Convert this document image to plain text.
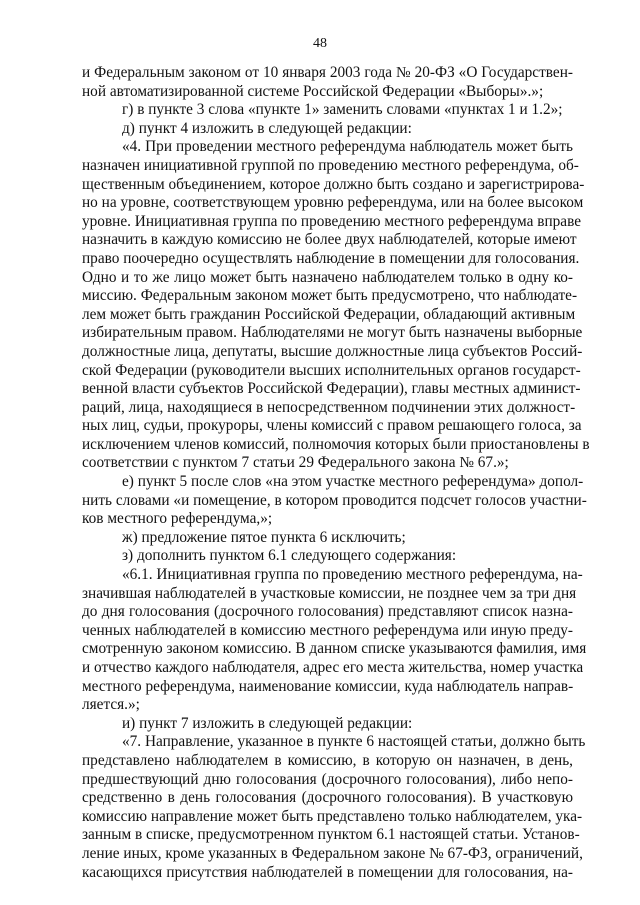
48
и Федеральным законом от 10 января 2003 года № 20-ФЗ «О Государствен-
ной автоматизированной системе Российской Федерации «Выборы».»;
г) в пункте 3 слова «пункте 1» заменить словами «пунктах 1 и 1.2»;
д) пункт 4 изложить в следующей редакции:
«4. При проведении местного референдума наблюдатель может быть
назначен инициативной группой по проведению местного референдума, об-
щественным объединением, которое должно быть создано и зарегистрирова-
но на уровне, соответствующем уровню референдума, или на более высоком
уровне. Инициативная группа по проведению местного референдума вправе
назначить в каждую комиссию не более двух наблюдателей, которые имеют
право поочередно осуществлять наблюдение в помещении для голосования.
Одно и то же лицо может быть назначено наблюдателем только в одну ко-
миссию. Федеральным законом может быть предусмотрено, что наблюдате-
лем может быть гражданин Российской Федерации, обладающий активным
избирательным правом. Наблюдателями не могут быть назначены выборные
должностные лица, депутаты, высшие должностные лица субъектов Россий-
ской Федерации (руководители высших исполнительных органов государст-
венной власти субъектов Российской Федерации), главы местных админист-
раций, лица, находящиеся в непосредственном подчинении этих должност-
ных лиц, судьи, прокуроры, члены комиссий с правом решающего голоса, за
исключением членов комиссий, полномочия которых были приостановлены в
соответствии с пунктом 7 статьи 29 Федерального закона № 67.»;
е) пункт 5 после слов «на этом участке местного референдума» допол-
нить словами «и помещение, в котором проводится подсчет голосов участни-
ков местного референдума,»;
ж) предложение пятое пункта 6 исключить;
з) дополнить пунктом 6.1 следующего содержания:
«6.1. Инициативная группа по проведению местного референдума, на-
значившая наблюдателей в участковые комиссии, не позднее чем за три дня
до дня голосования (досрочного голосования) представляют список назна-
ченных наблюдателей в комиссию местного референдума или иную преду-
смотренную законом комиссию. В данном списке указываются фамилия, имя
и отчество каждого наблюдателя, адрес его места жительства, номер участка
местного референдума, наименование комиссии, куда наблюдатель направ-
ляется.»;
и) пункт 7 изложить в следующей редакции:
«7. Направление, указанное в пункте 6 настоящей статьи, должно быть
представлено наблюдателем в комиссию, в которую он назначен, в день,
предшествующий дню голосования (досрочного голосования), либо непо-
средственно в день голосования (досрочного голосования). В участковую
комиссию направление может быть представлено только наблюдателем, ука-
занным в списке, предусмотренном пунктом 6.1 настоящей статьи. Установ-
ление иных, кроме указанных в Федеральном законе № 67-ФЗ, ограничений,
касающихся присутствия наблюдателей в помещении для голосования, на-
